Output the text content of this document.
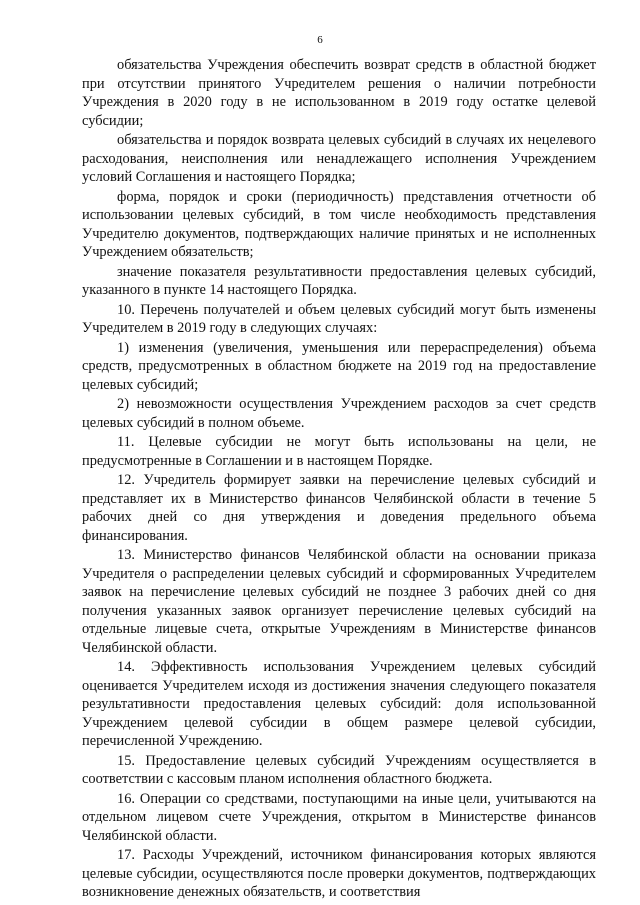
6

обязательства Учреждения обеспечить возврат средств в областной бюджет при отсутствии принятого Учредителем решения о наличии потребности Учреждения в 2020 году в не использованном в 2019 году остатке целевой субсидии;

обязательства и порядок возврата целевых субсидий в случаях их нецелевого расходования, неисполнения или ненадлежащего исполнения Учреждением условий Соглашения и настоящего Порядка;

форма, порядок и сроки (периодичность) представления отчетности об использовании целевых субсидий, в том числе необходимость представления Учредителю документов, подтверждающих наличие принятых и не исполненных Учреждением обязательств;

значение показателя результативности предоставления целевых субсидий, указанного в пункте 14 настоящего Порядка.

10. Перечень получателей и объем целевых субсидий могут быть изменены Учредителем в 2019 году в следующих случаях:

1) изменения (увеличения, уменьшения или перераспределения) объема средств, предусмотренных в областном бюджете на 2019 год на предоставление целевых субсидий;

2) невозможности осуществления Учреждением расходов за счет средств целевых субсидий в полном объеме.

11. Целевые субсидии не могут быть использованы на цели, не предусмотренные в Соглашении и в настоящем Порядке.

12. Учредитель формирует заявки на перечисление целевых субсидий и представляет их в Министерство финансов Челябинской области в течение 5 рабочих дней со дня утверждения и доведения предельного объема финансирования.

13. Министерство финансов Челябинской области на основании приказа Учредителя о распределении целевых субсидий и сформированных Учредителем заявок на перечисление целевых субсидий не позднее 3 рабочих дней со дня получения указанных заявок организует перечисление целевых субсидий на отдельные лицевые счета, открытые Учреждениям в Министерстве финансов Челябинской области.

14. Эффективность использования Учреждением целевых субсидий оценивается Учредителем исходя из достижения значения следующего показателя результативности предоставления целевых субсидий: доля использованной Учреждением целевой субсидии в общем размере целевой субсидии, перечисленной Учреждению.

15. Предоставление целевых субсидий Учреждениям осуществляется в соответствии с кассовым планом исполнения областного бюджета.

16. Операции со средствами, поступающими на иные цели, учитываются на отдельном лицевом счете Учреждения, открытом в Министерстве финансов Челябинской области.

17. Расходы Учреждений, источником финансирования которых являются целевые субсидии, осуществляются после проверки документов, подтверждающих возникновение денежных обязательств, и соответствия
